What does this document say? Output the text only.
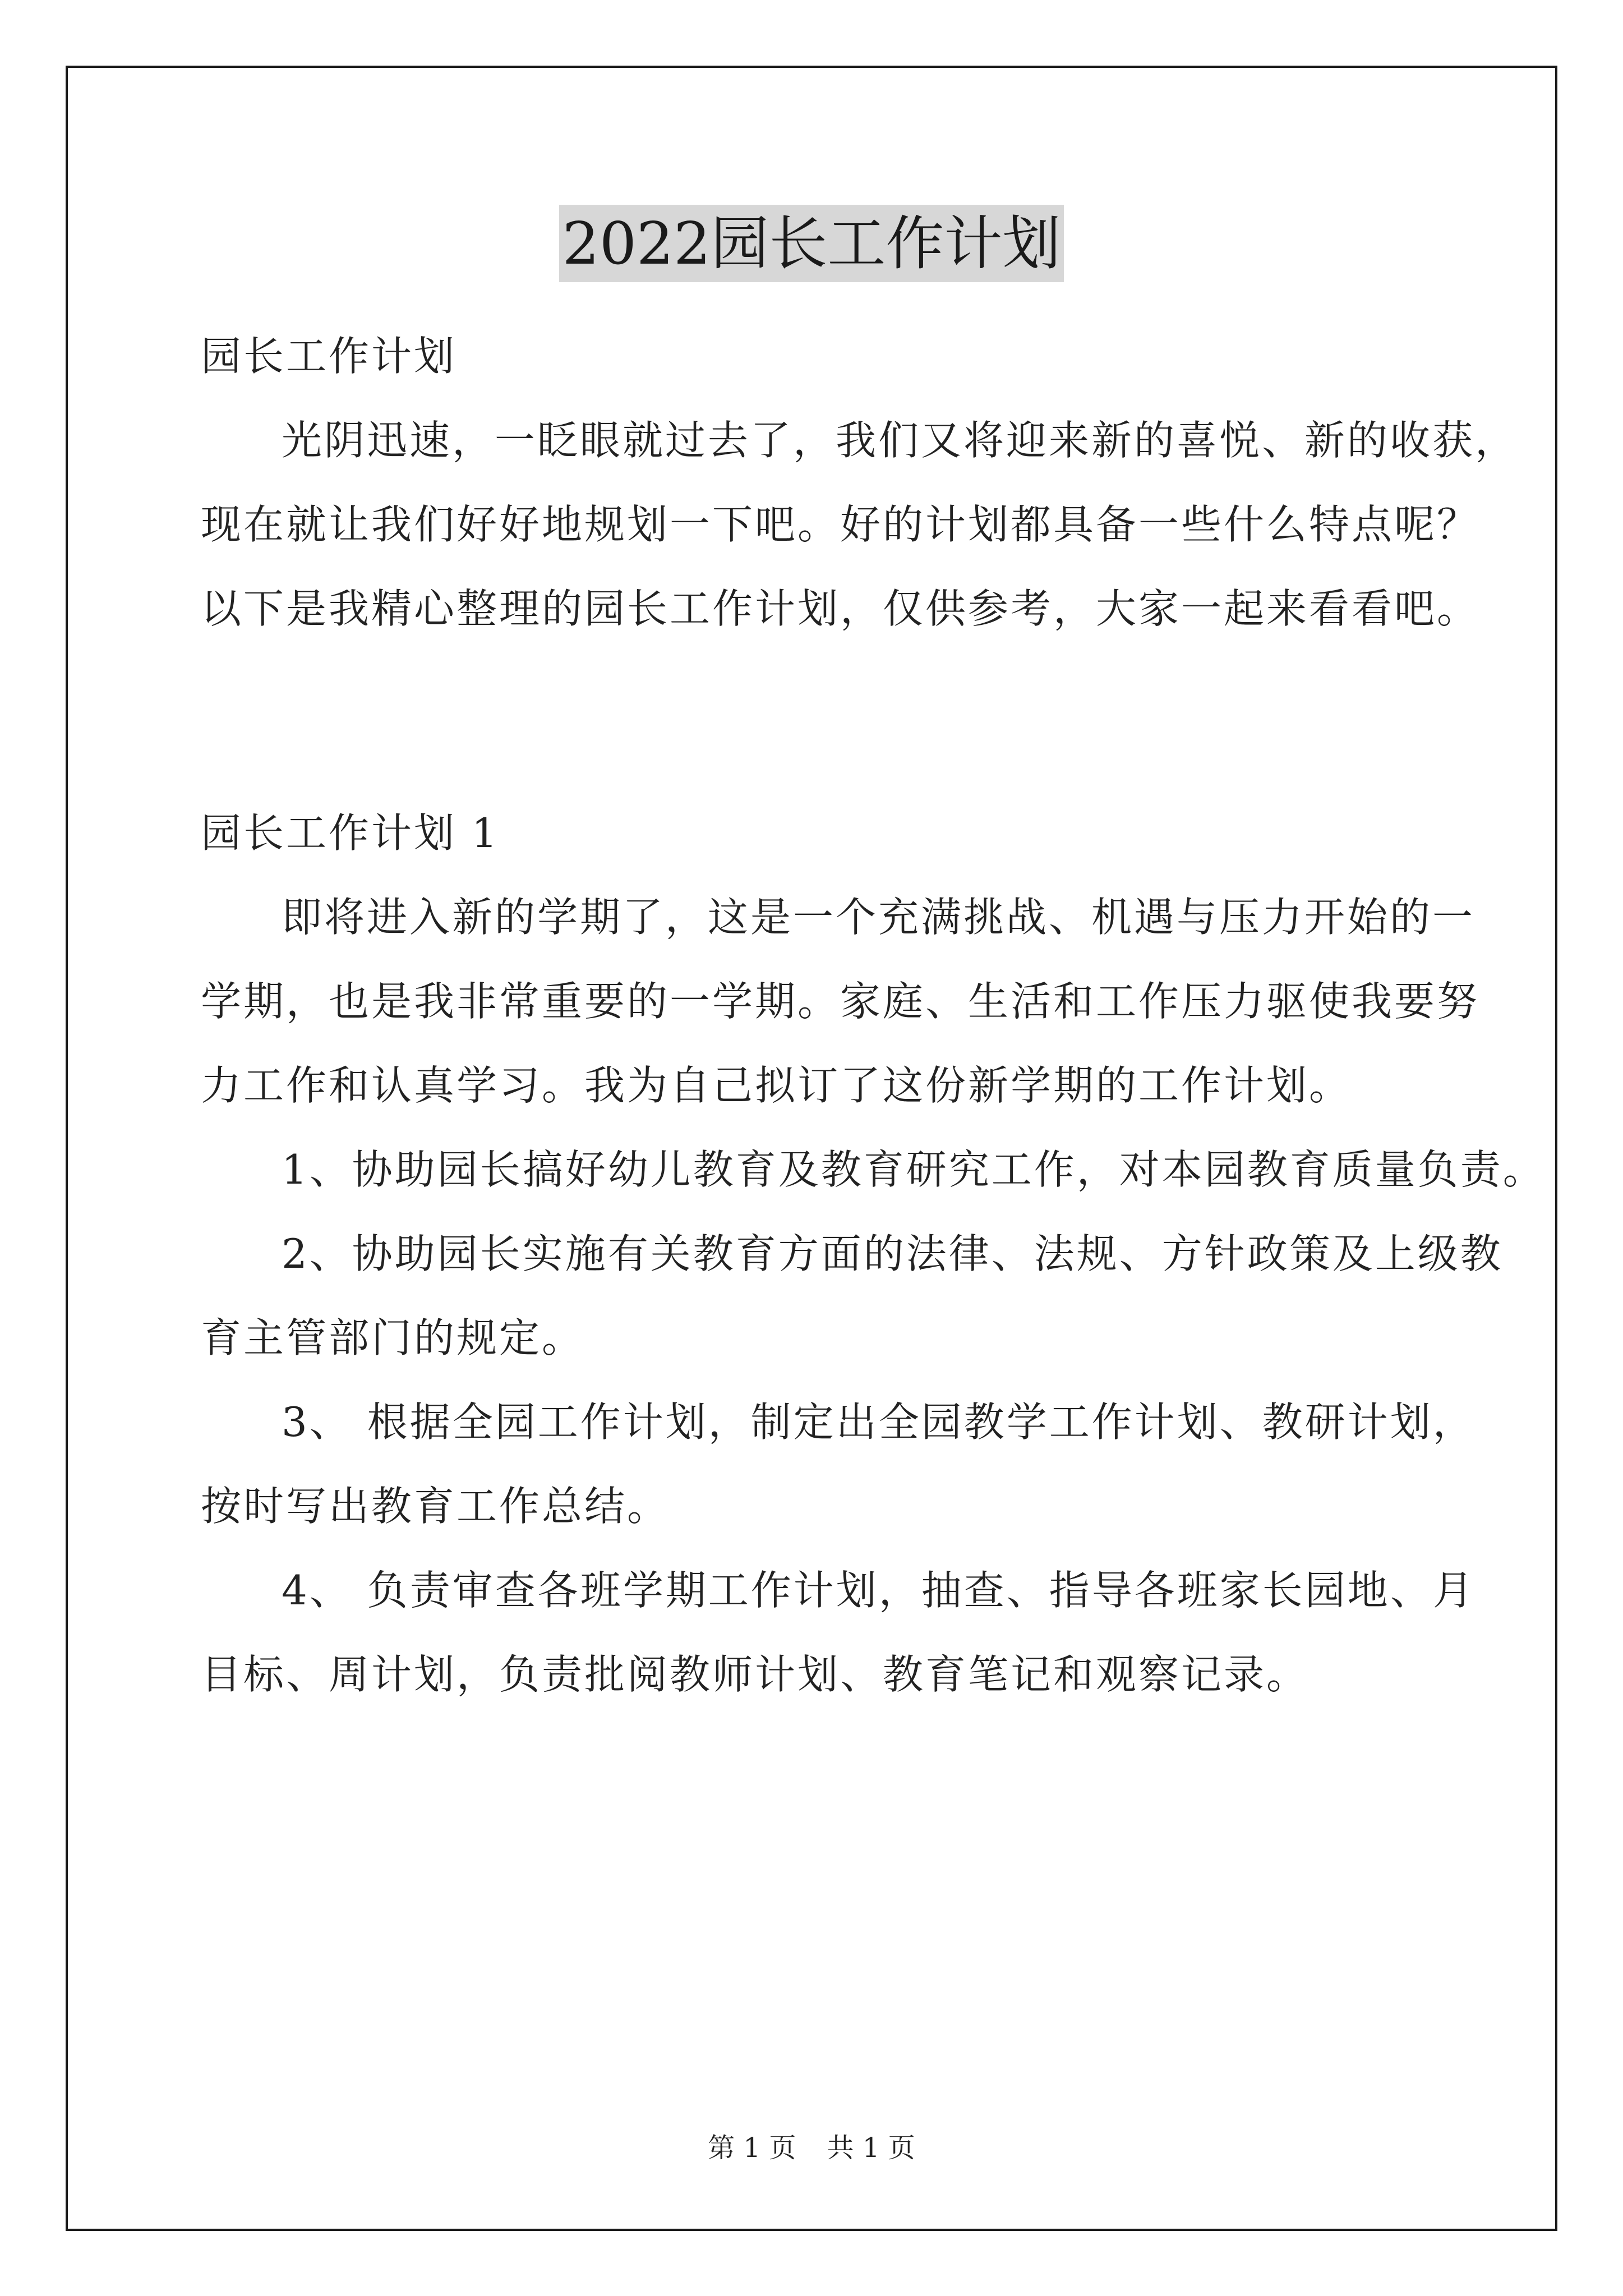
2022园长工作计划
园长工作计划
光阴迅速，一眨眼就过去了，我们又将迎来新的喜悦、新的收获，
现在就让我们好好地规划一下吧。好的计划都具备一些什么特点呢？
以下是我精心整理的园长工作计划，仅供参考，大家一起来看看吧。
园长工作计划 1
即将进入新的学期了，这是一个充满挑战、机遇与压力开始的一
学期，也是我非常重要的一学期。家庭、生活和工作压力驱使我要努
力工作和认真学习。我为自己拟订了这份新学期的工作计划。
1、协助园长搞好幼儿教育及教育研究工作，对本园教育质量负责。
2、协助园长实施有关教育方面的法律、法规、方针政策及上级教
育主管部门的规定。
3、 根据全园工作计划，制定出全园教学工作计划、教研计划，
按时写出教育工作总结。
4、 负责审查各班学期工作计划，抽查、指导各班家长园地、月
目标、周计划，负责批阅教师计划、教育笔记和观察记录。
第 1 页 共 1 页
